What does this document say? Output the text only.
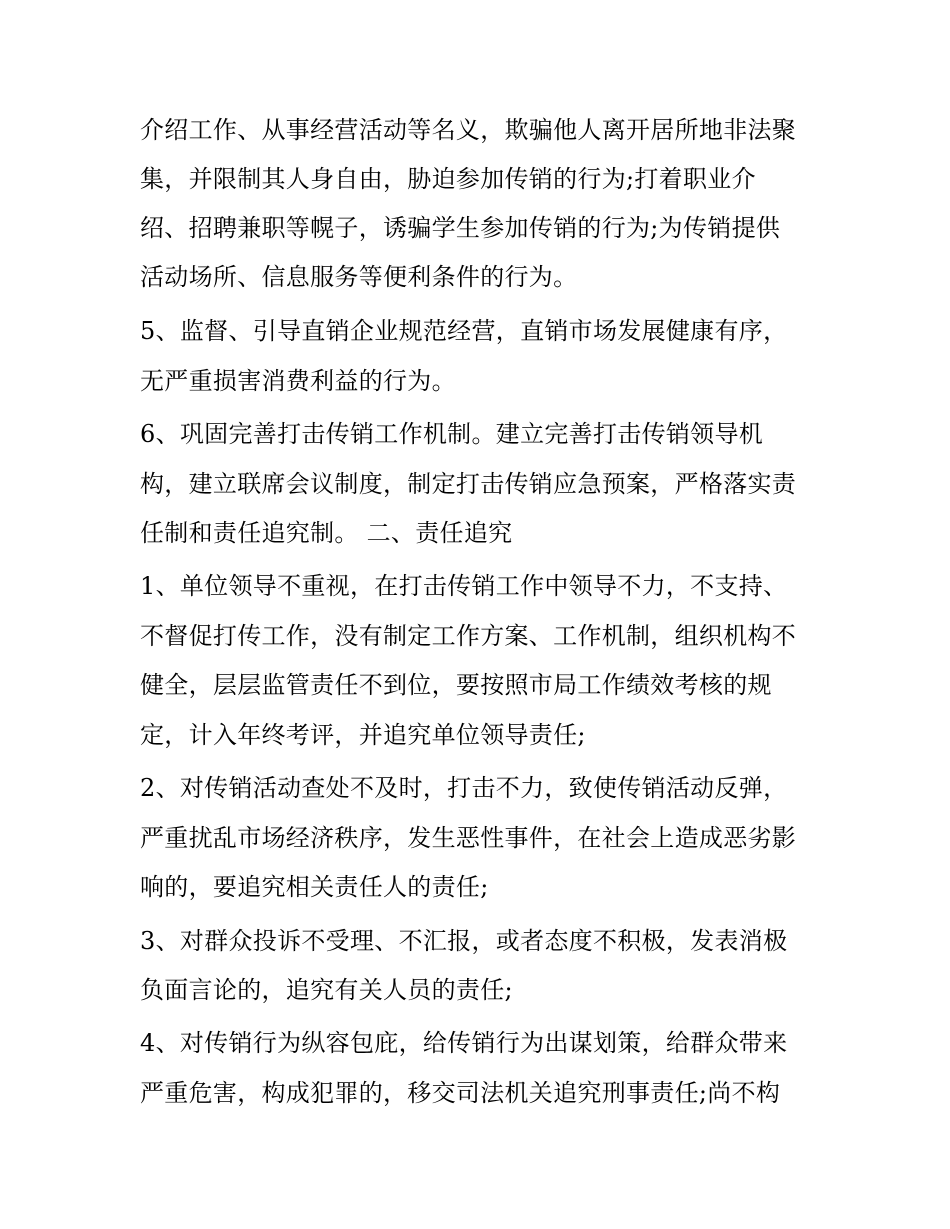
介绍工作、从事经营活动等名义，欺骗他人离开居所地非法聚
集，并限制其人身自由，胁迫参加传销的行为;打着职业介
绍、招聘兼职等幌子，诱骗学生参加传销的行为;为传销提供
活动场所、信息服务等便利条件的行为。
5、监督、引导直销企业规范经营，直销市场发展健康有序，
无严重损害消费利益的行为。
6、巩固完善打击传销工作机制。建立完善打击传销领导机
构，建立联席会议制度，制定打击传销应急预案，严格落实责
任制和责任追究制。 二、责任追究
1、单位领导不重视，在打击传销工作中领导不力，不支持、
不督促打传工作，没有制定工作方案、工作机制，组织机构不
健全，层层监管责任不到位，要按照市局工作绩效考核的规
定，计入年终考评，并追究单位领导责任;
2、对传销活动查处不及时，打击不力，致使传销活动反弹，
严重扰乱市场经济秩序，发生恶性事件，在社会上造成恶劣影
响的，要追究相关责任人的责任;
3、对群众投诉不受理、不汇报，或者态度不积极，发表消极
负面言论的，追究有关人员的责任;
4、对传销行为纵容包庇，给传销行为出谋划策，给群众带来
严重危害，构成犯罪的，移交司法机关追究刑事责任;尚不构
